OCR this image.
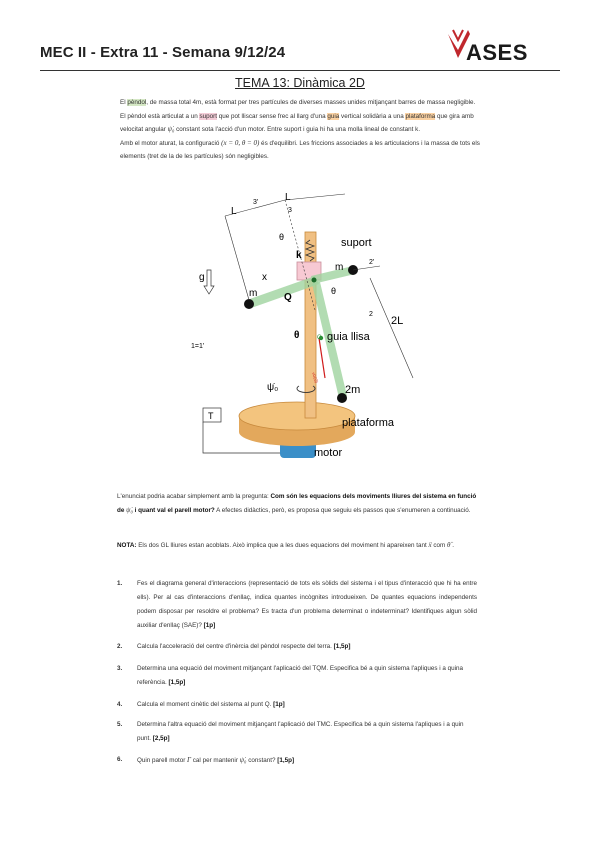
MEC II - Extra 11 - Semana 9/12/24	ASES
TEMA 13: Dinàmica 2D
El pèndol, de massa total 4m, està format per tres partícules de diverses masses unides mitjançant barres de massa negligible. El pèndol està articulat a un suport que pot lliscar sense frec al llarg d'una guia vertical solidària a una plataforma que gira amb velocitat angular ψ̇₀ constant sota l'acció d'un motor. Entre suport i guia hi ha una molla lineal de constant k.
Amb el motor aturat, la configuració (x = 0, θ = 0) és d'equilibri. Les friccions associades a les articulacions i la massa de tots els elements (tret de la de les partícules) són negligibles.
L
3'	L
3
θ
k
suport
g	x
m
m	2'
Q
θ
2
2L
1=1'
θ	guia llisa
G
vG(Q)
ψ̇₀	2m
T
plataforma
motor
L'enunciat podria acabar simplement amb la pregunta: Com són les equacions dels moviments lliures del sistema en funció de ψ̇₀ i quant val el parell motor? A efectes didàctics, però, es proposa que seguiu els passos que s'enumeren a continuació.
NOTA: Els dos GL lliures estan acoblats. Això implica que a les dues equacions del moviment hi apareixen tant ẍ com θ̈ .
1. Fes el diagrama general d'interaccions (representació de tots els sòlids del sistema i el tipus d'interacció que hi ha entre ells). Per al cas d'interaccions d'enllaç, indica quantes incògnites introdueixen. De quantes equacions independents podem disposar per resoldre el problema? Es tracta d'un problema determinat o indeterminat? Identifiques algun sòlid auxiliar d'enllaç (SAE)? [1p]
2. Calcula l'acceleració del centre d'inèrcia del pèndol respecte del terra. [1,5p]
3. Determina una equació del moviment mitjançant l'aplicació del TQM. Especifica bé a quin sistema l'apliques i a quina referència. [1,5p]
4. Calcula el moment cinètic del sistema al punt Q. [1p]
5. Determina l'altra equació del moviment mitjançant l'aplicació del TMC. Especifica bé a quin sistema l'apliques i a quin punt. [2,5p]
6. Quin parell motor Γ cal per mantenir ψ̇₀ constant? [1,5p]
